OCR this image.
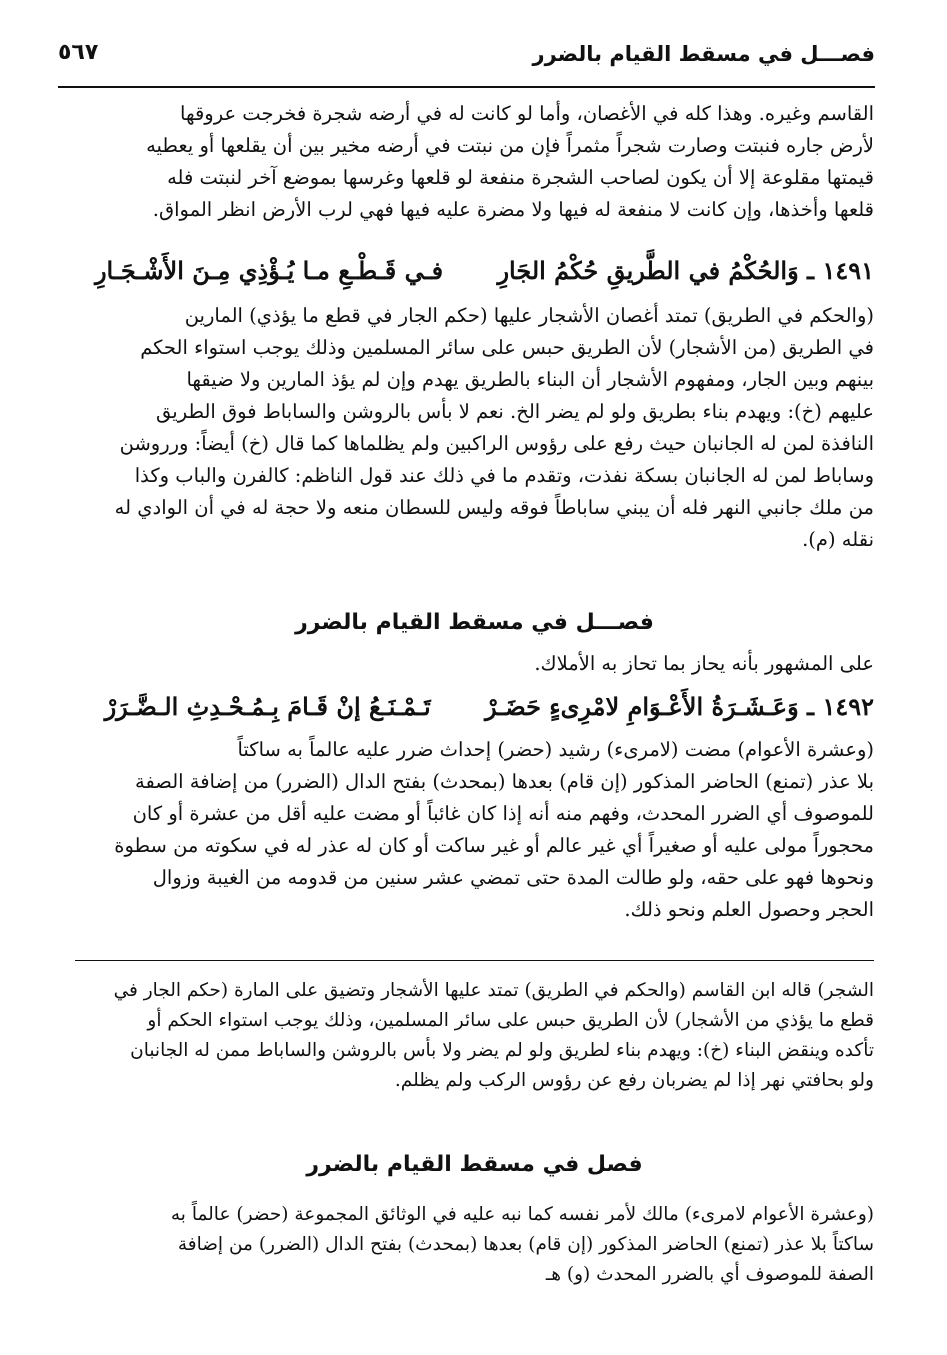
فصـــل في مسقط القيام بالضرر
٥٦٧
القاسم وغيره. وهذا كله في الأغصان، وأما لو كانت له في أرضه شجرة فخرجت عروقها
لأرض جاره فنبتت وصارت شجراً مثمراً فإن من نبتت في أرضه مخير بين أن يقلعها أو يعطيه
قيمتها مقلوعة إلا أن يكون لصاحب الشجرة منفعة لو قلعها وغرسها بموضع آخر لنبتت فله
قلعها وأخذها، وإن كانت لا منفعة له فيها ولا مضرة عليه فيها فهي لرب الأرض انظر المواق.
١٤٩١ ـ وَالحُكْمُ في الطَّريقِ حُكْمُ الجَارِ فـي قَـطْـعِ مـا يُـؤْذِي مِـنَ الأَشْـجَـارِ
(والحكم في الطريق) تمتد أغصان الأشجار عليها (حكم الجار في قطع ما يؤذي) المارين
في الطريق (من الأشجار) لأن الطريق حبس على سائر المسلمين وذلك يوجب استواء الحكم
بينهم وبين الجار، ومفهوم الأشجار أن البناء بالطريق يهدم وإن لم يؤذ المارين ولا ضيقها
عليهم (خ): ويهدم بناء بطريق ولو لم يضر الخ. نعم لا بأس بالروشن والساباط فوق الطريق
النافذة لمن له الجانبان حيث رفع على رؤوس الراكبين ولم يظلماها كما قال (خ) أيضاً: ورروشن
وساباط لمن له الجانبان بسكة نفذت، وتقدم ما في ذلك عند قول الناظم: كالفرن والباب وكذا
من ملك جانبي النهر فله أن يبني ساباطاً فوقه وليس للسطان منعه ولا حجة له في أن الوادي له
نقله (م).
فصـــل في مسقط القيام بالضرر
على المشهور بأنه يحاز بما تحاز به الأملاك.
١٤٩٢ ـ وَعَـشَـرَةُ الأَعْـوَامِ لامْرِىءٍ حَضَـرْ تَـمْـنَـعُ إنْ قَـامَ بِـمُـحْـدِثِ الـضَّـرَرْ
(وعشرة الأعوام) مضت (لامرىء) رشيد (حضر) إحداث ضرر عليه عالماً به ساكتاً
بلا عذر (تمنع) الحاضر المذكور (إن قام) بعدها (بمحدث) بفتح الدال (الضرر) من إضافة الصفة
للموصوف أي الضرر المحدث، وفهم منه أنه إذا كان غائباً أو مضت عليه أقل من عشرة أو كان
محجوراً مولى عليه أو صغيراً أي غير عالم أو غير ساكت أو كان له عذر له في سكوته من سطوة
ونحوها فهو على حقه، ولو طالت المدة حتى تمضي عشر سنين من قدومه من الغيبة وزوال
الحجر وحصول العلم ونحو ذلك.
الشجر) قاله ابن القاسم (والحكم في الطريق) تمتد عليها الأشجار وتضيق على المارة (حكم الجار في
قطع ما يؤذي من الأشجار) لأن الطريق حبس على سائر المسلمين، وذلك يوجب استواء الحكم أو
تأكده وينقض البناء (خ): ويهدم بناء لطريق ولو لم يضر ولا بأس بالروشن والساباط ممن له الجانبان
ولو بحافتي نهر إذا لم يضربان رفع عن رؤوس الركب ولم يظلم.
فصل في مسقط القيام بالضرر
(وعشرة الأعوام لامرىء) مالك لأمر نفسه كما نبه عليه في الوثائق المجموعة (حضر) عالماً به
ساكتاً بلا عذر (تمنع) الحاضر المذكور (إن قام) بعدها (بمحدث) بفتح الدال (الضرر) من إضافة
الصفة للموصوف أي بالضرر المحدث (و) هـ
